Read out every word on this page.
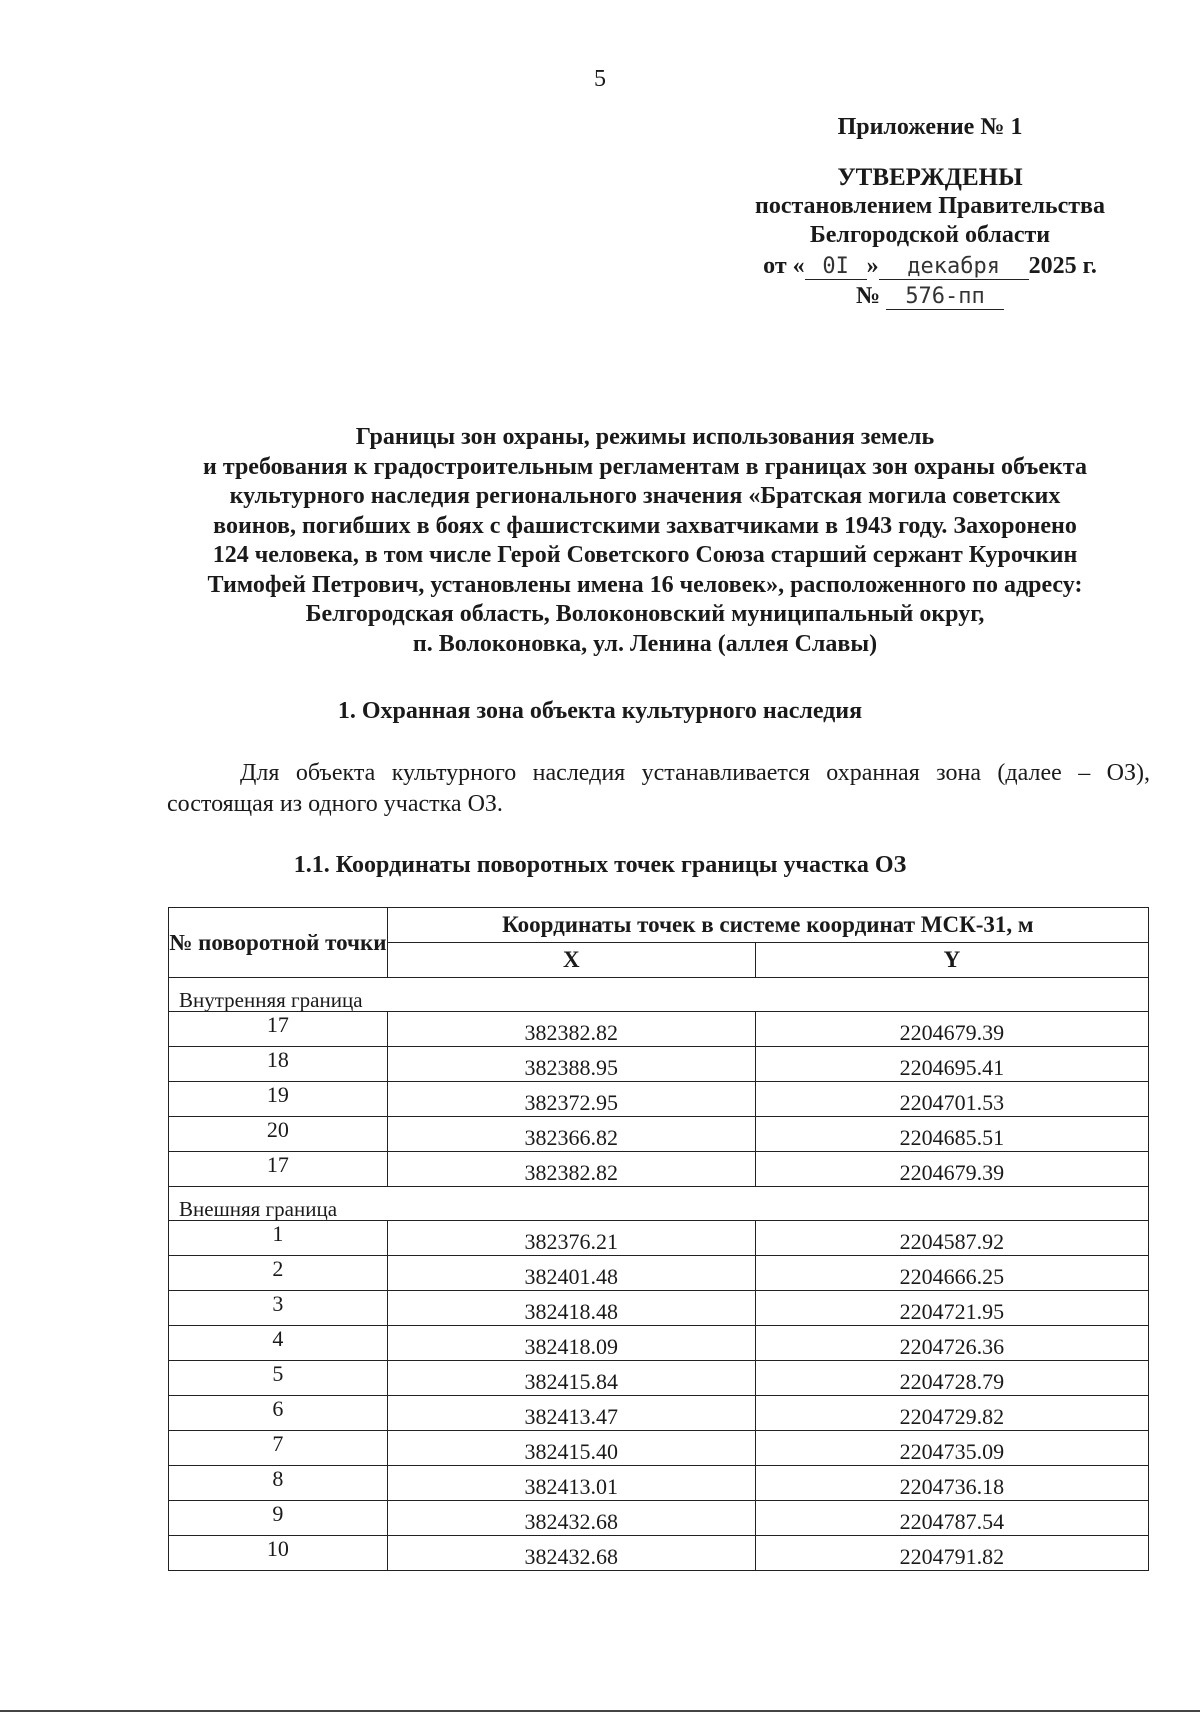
5
Приложение № 1
УТВЕРЖДЕНЫ
постановлением Правительства
Белгородской области
от « 0I » декабря 2025 г.
№ 576-пп
Границы зон охраны, режимы использования земель
и требования к градостроительным регламентам в границах зон охраны объекта
культурного наследия регионального значения «Братская могила советских
воинов, погибших в боях с фашистскими захватчиками в 1943 году. Захоронено
124 человека, в том числе Герой Советского Союза старший сержант Курочкин
Тимофей Петрович, установлены имена 16 человек», расположенного по адресу:
Белгородская область, Волоконовский муниципальный округ,
п. Волоконовка, ул. Ленина (аллея Славы)
1. Охранная зона объекта культурного наследия
Для объекта культурного наследия устанавливается охранная зона (далее – ОЗ), состоящая из одного участка ОЗ.
1.1. Координаты поворотных точек границы участка ОЗ
№ поворотной точки	Координаты точек в системе координат МСК-31, м	
	X	Y
Внутренняя граница		
17	382382.82	2204679.39
18	382388.95	2204695.41
19	382372.95	2204701.53
20	382366.82	2204685.51
17	382382.82	2204679.39
Внешняя граница		
1	382376.21	2204587.92
2	382401.48	2204666.25
3	382418.48	2204721.95
4	382418.09	2204726.36
5	382415.84	2204728.79
6	382413.47	2204729.82
7	382415.40	2204735.09
8	382413.01	2204736.18
9	382432.68	2204787.54
10	382432.68	2204791.82
